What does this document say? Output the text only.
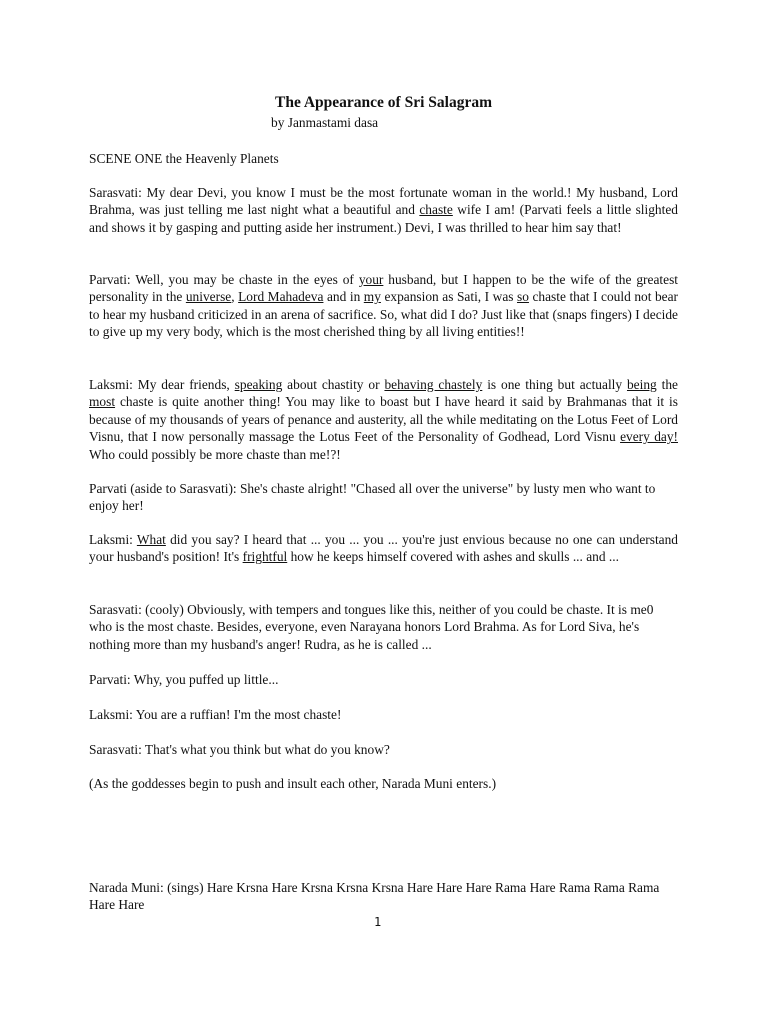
The Appearance of Sri Salagram
by Janmastami dasa
SCENE ONE the Heavenly Planets

Sarasvati: My dear Devi, you know I must be the most fortunate woman in the world.! My husband, Lord Brahma, was just telling me last night what a beautiful and chaste wife I am! (Parvati feels a little slighted and shows it by gasping and putting aside her instrument.) Devi, I was thrilled to hear him say that!

Parvati: Well, you may be chaste in the eyes of your husband, but I happen to be the wife of the greatest personality in the universe, Lord Mahadeva and in my expansion as Sati, I was so chaste that I could not bear to hear my husband criticized in an arena of sacrifice. So, what did I do? Just like that (snaps fingers) I decide to give up my very body, which is the most cherished thing by all living entities!!

Laksmi: My dear friends, speaking about chastity or behaving chastely is one thing but actually being the most chaste is quite another thing! You may like to boast but I have heard it said by Brahmanas that it is because of my thousands of years of penance and austerity, all the while meditating on the Lotus Feet of Lord Visnu, that I now personally massage the Lotus Feet of the Personality of Godhead, Lord Visnu every day! Who could possibly be more chaste than me!?!

Parvati (aside to Sarasvati): She's chaste alright! "Chased all over the universe" by lusty men who want to enjoy her!

Laksmi: What did you say? I heard that ... you ... you ... you're just envious because no one can understand your husband's position! It's frightful how he keeps himself covered with ashes and skulls ... and ...

Sarasvati: (cooly) Obviously, with tempers and tongues like this, neither of you could be chaste. It is me0 who is the most chaste. Besides, everyone, even Narayana honors Lord Brahma. As for Lord Siva, he's nothing more than my husband's anger! Rudra, as he is called ...

Parvati: Why, you puffed up little...

Laksmi: You are a ruffian! I'm the most chaste!

Sarasvati: That's what you think but what do you know?

(As the goddesses begin to push and insult each other, Narada Muni enters.)

Narada Muni: (sings) Hare Krsna Hare Krsna Krsna Krsna Hare Hare Hare Rama Hare Rama Rama Rama Hare Hare

1
